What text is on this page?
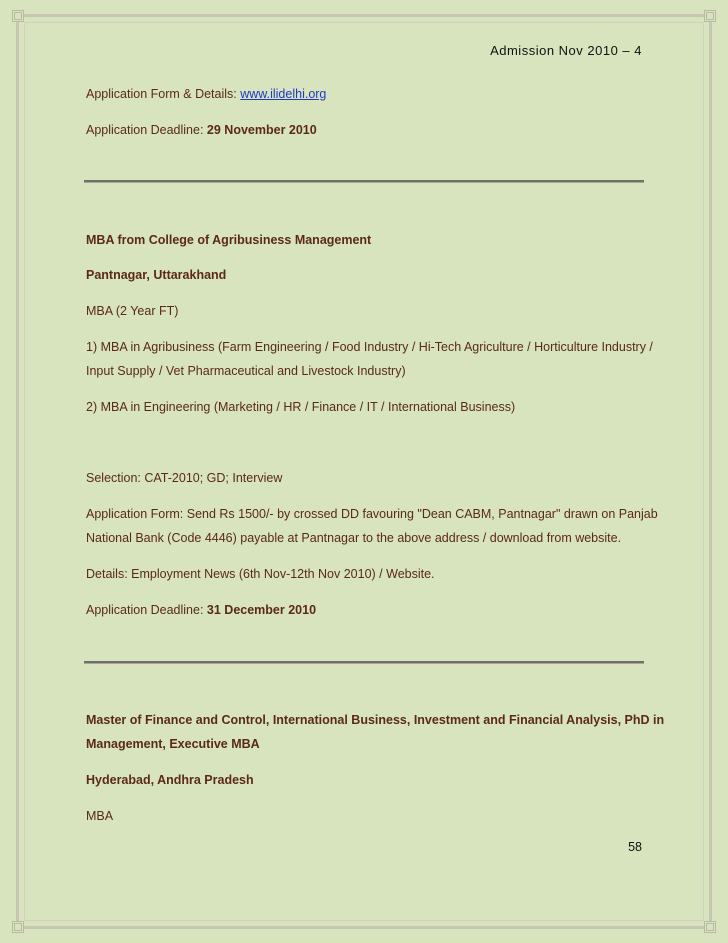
Admission Nov 2010 – 4
Application Form & Details: www.ilidelhi.org
Application Deadline: 29 November 2010
MBA from College of Agribusiness Management
Pantnagar, Uttarakhand
MBA (2 Year FT)
1) MBA in Agribusiness (Farm Engineering / Food Industry / Hi-Tech Agriculture / Horticulture Industry /
Input Supply / Vet Pharmaceutical and Livestock Industry)
2) MBA in Engineering (Marketing / HR / Finance / IT / International Business)
Selection: CAT-2010; GD; Interview
Application Form: Send Rs 1500/- by crossed DD favouring "Dean CABM, Pantnagar" drawn on Panjab
National Bank (Code 4446) payable at Pantnagar to the above address / download from website.
Details: Employment News (6th Nov-12th Nov 2010) / Website.
Application Deadline: 31 December 2010
Master of Finance and Control, International Business, Investment and Financial Analysis, PhD in
Management, Executive MBA
Hyderabad, Andhra Pradesh
MBA
58
